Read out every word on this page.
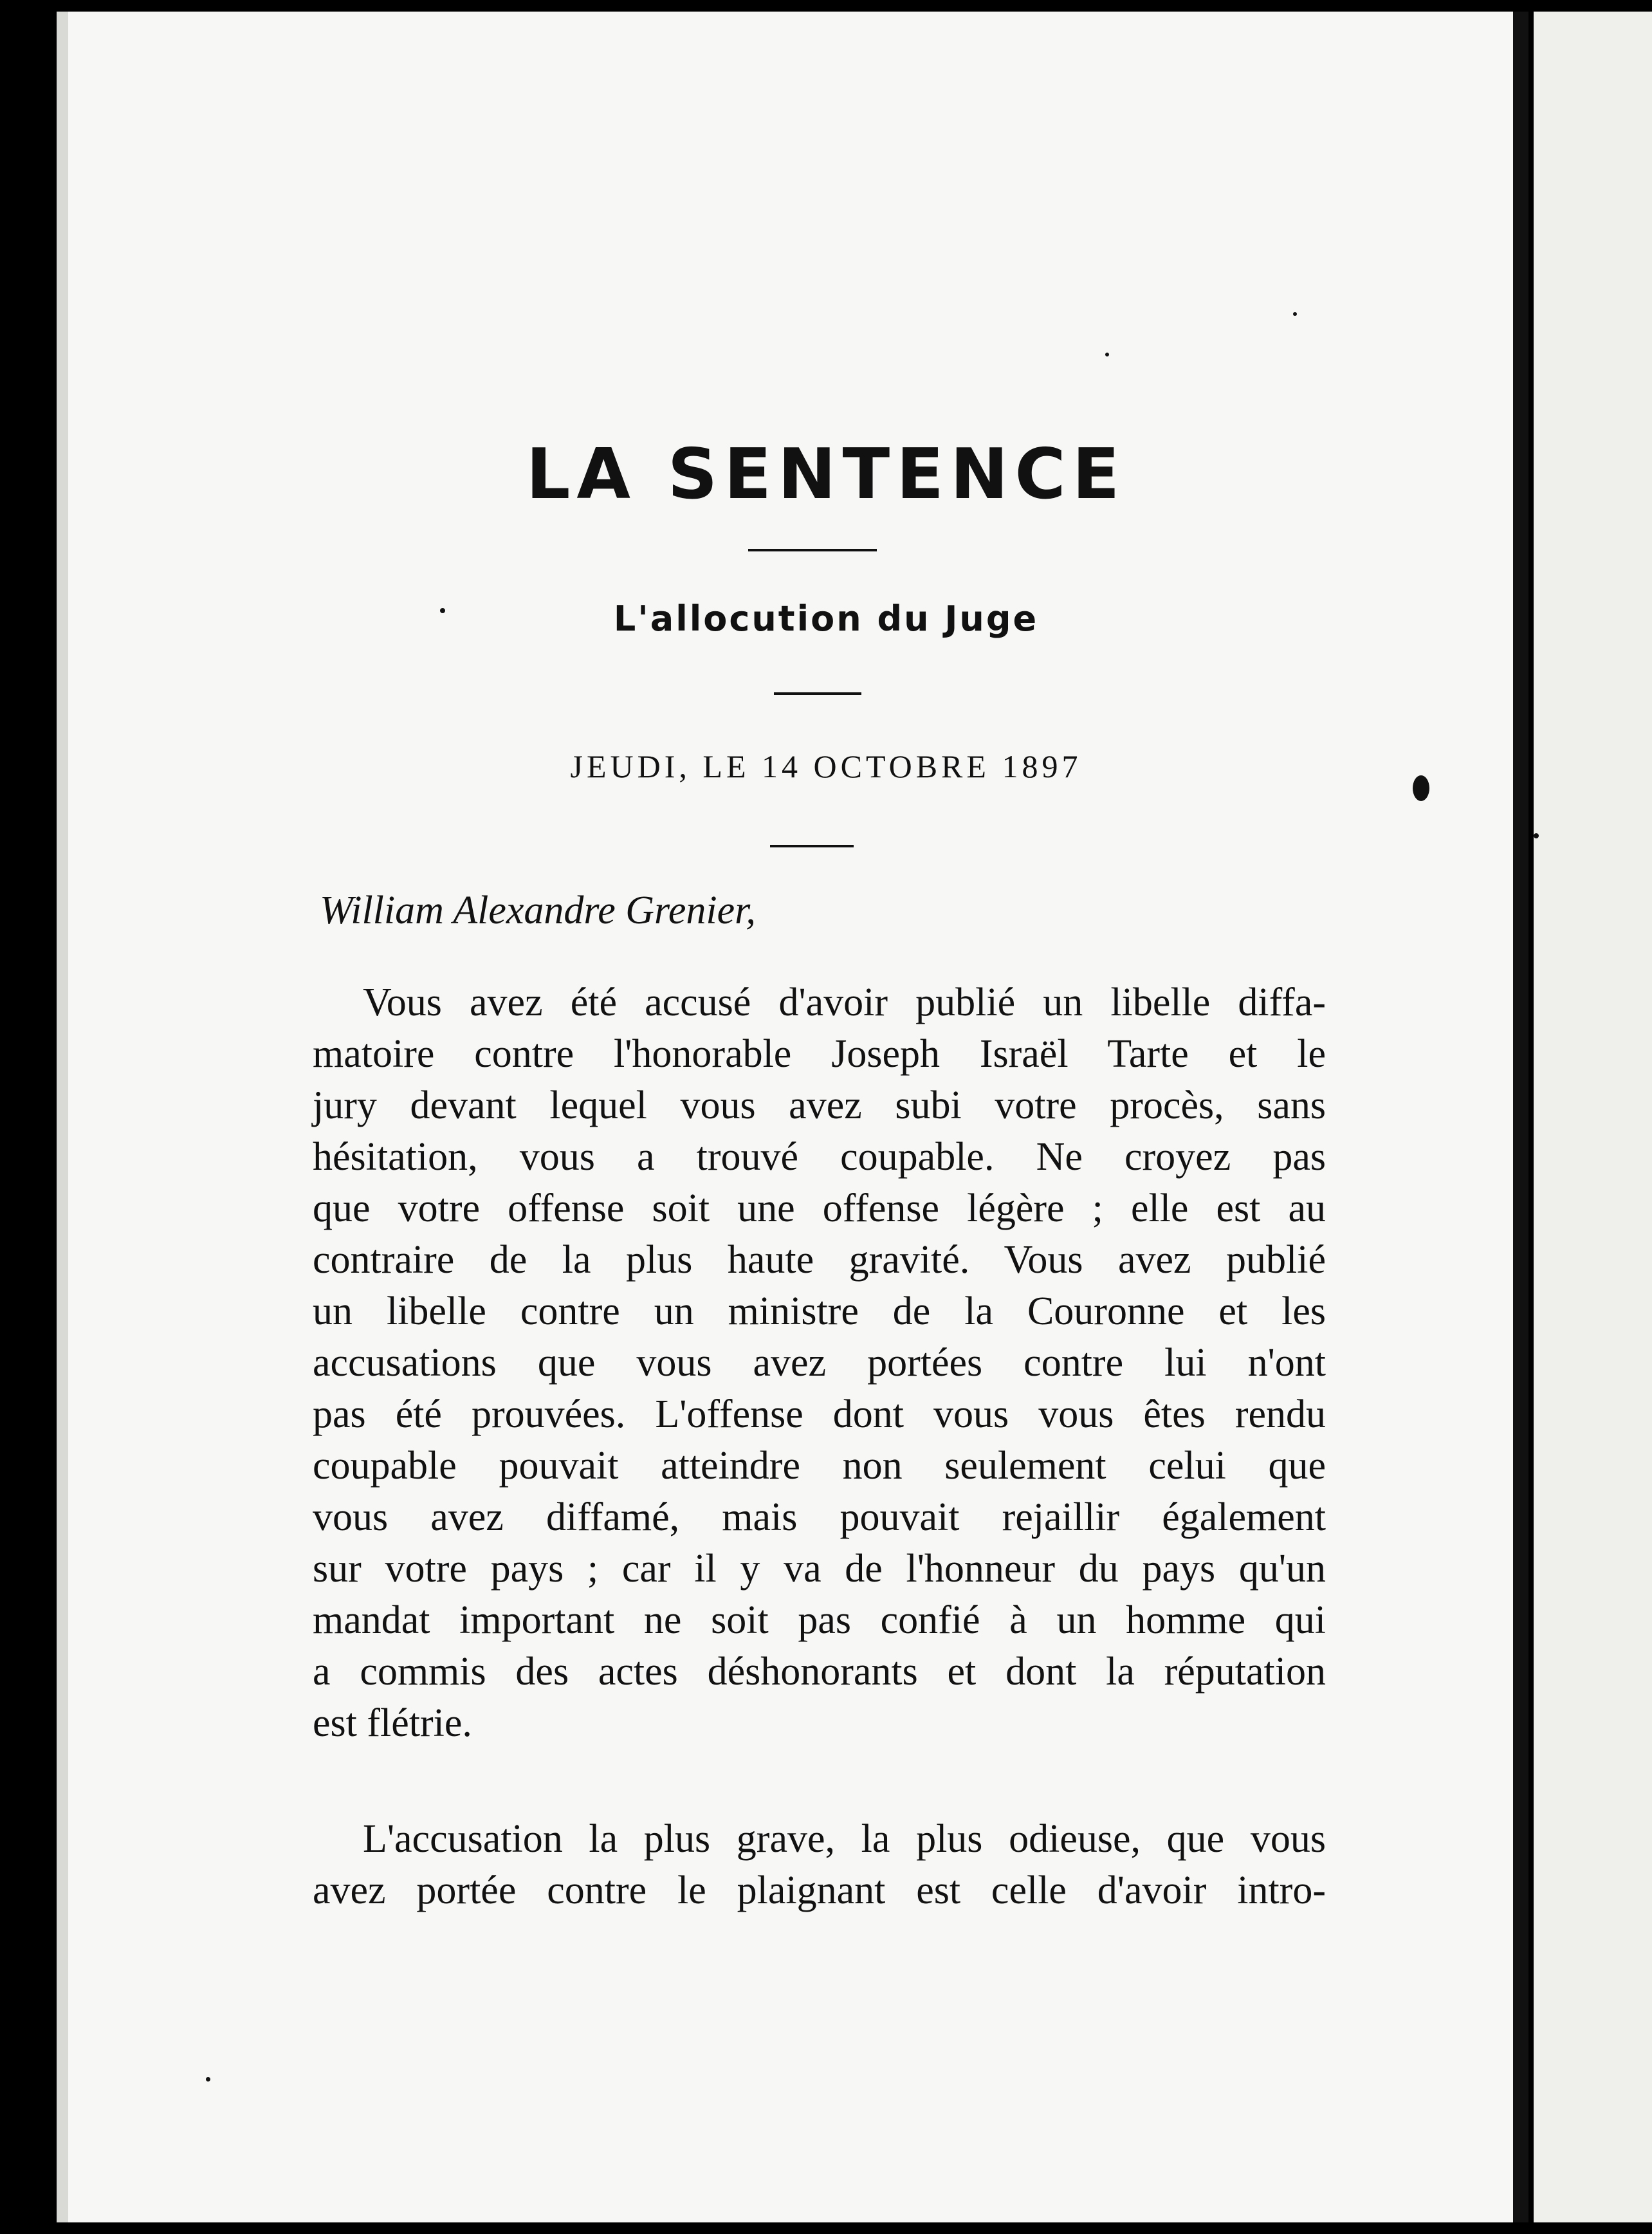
LA SENTENCE
L'allocution du Juge
JEUDI, LE 14 OCTOBRE 1897
William Alexandre Grenier,

Vous avez été accusé d'avoir publié un libelle diffa-
matoire contre l'honorable Joseph Israël Tarte et le
jury devant lequel vous avez subi votre procès, sans
hésitation, vous a trouvé coupable. Ne croyez pas
que votre offense soit une offense légère ; elle est au
contraire de la plus haute gravité. Vous avez publié
un libelle contre un ministre de la Couronne et les
accusations que vous avez portées contre lui n'ont
pas été prouvées. L'offense dont vous vous êtes rendu
coupable pouvait atteindre non seulement celui que
vous avez diffamé, mais pouvait rejaillir également
sur votre pays ; car il y va de l'honneur du pays qu'un
mandat important ne soit pas confié à un homme qui
a commis des actes déshonorants et dont la réputation
est flétrie.

L'accusation la plus grave, la plus odieuse, que vous
avez portée contre le plaignant est celle d'avoir intro-
